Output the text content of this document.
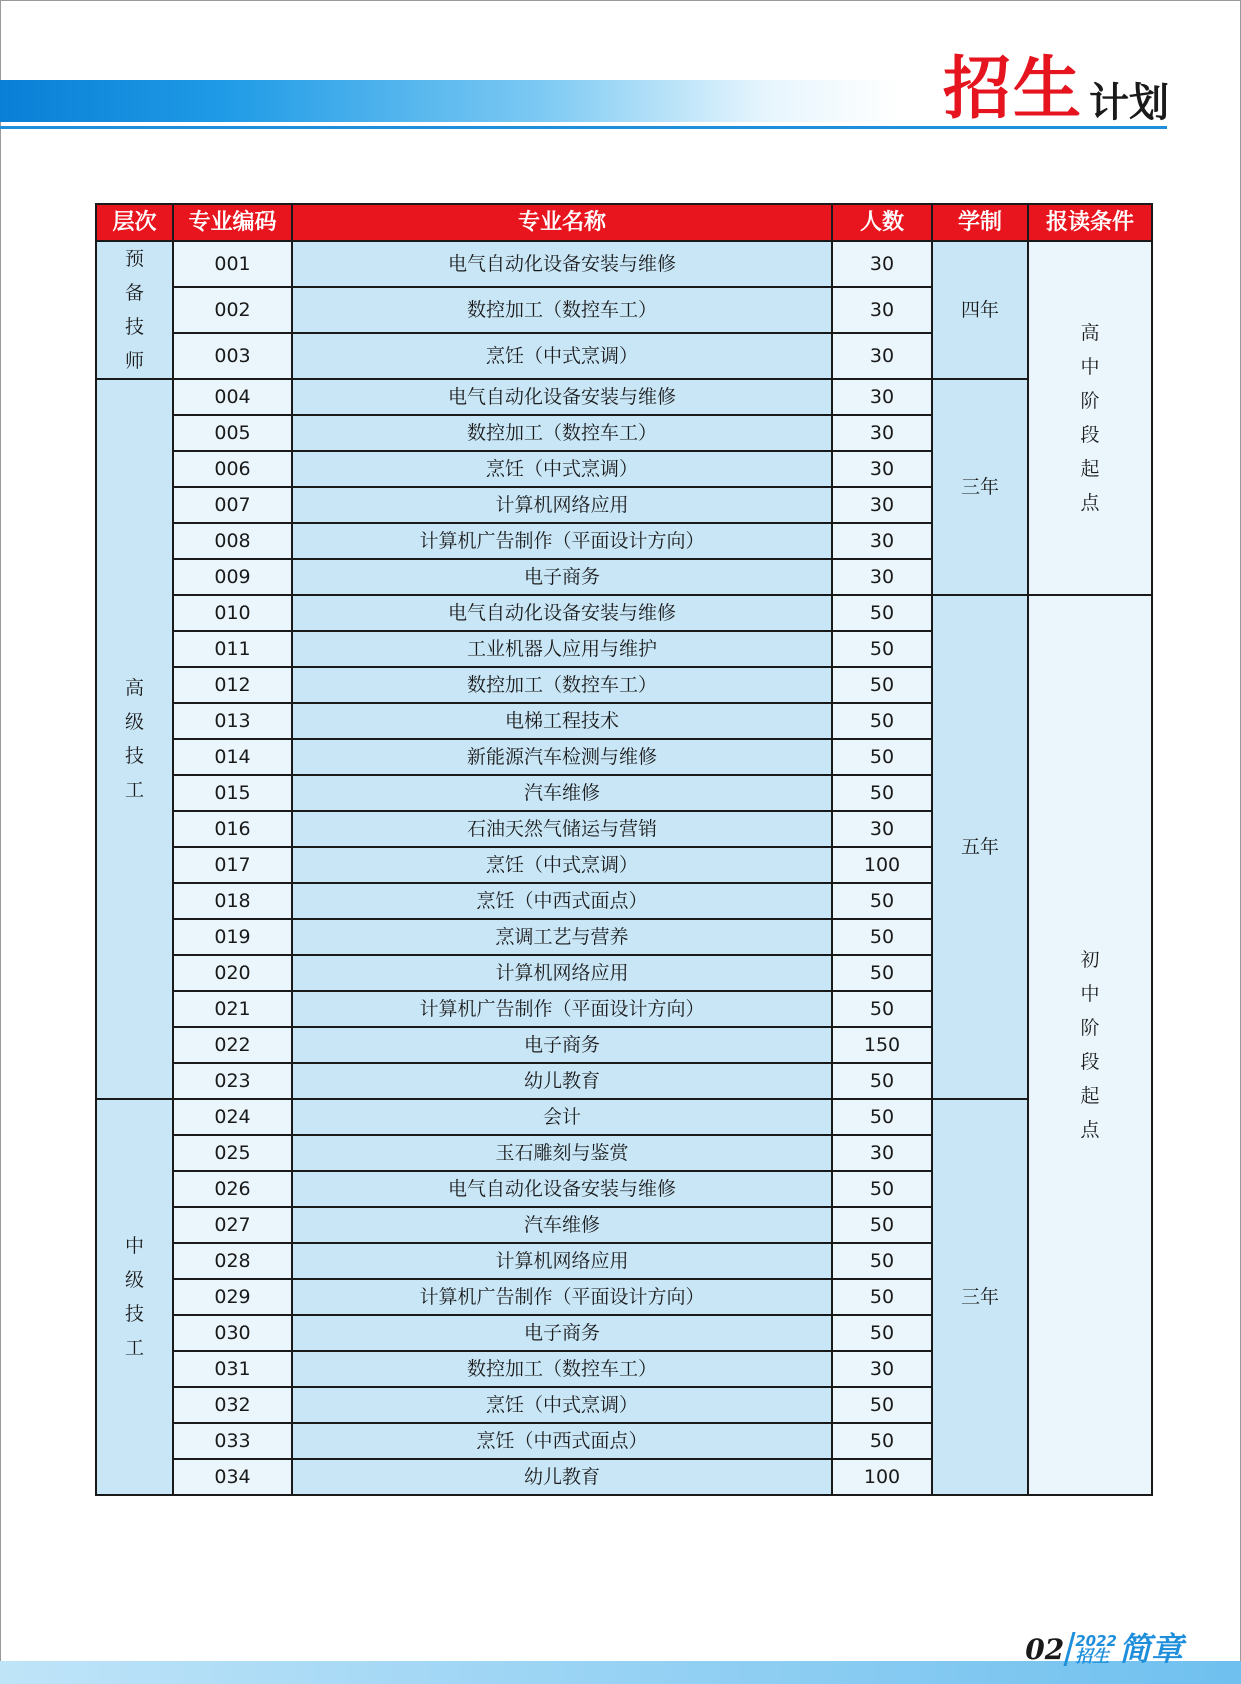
招生 计划
层次	专业编码	专业名称	人数	学制	报读条件
预备技师	001	电气自动化设备安装与维修	30	四年	高中阶段起点
	002	数控加工（数控车工）	30		
	003	烹饪（中式烹调）	30		
高级技工	004	电气自动化设备安装与维修	30	三年	
	005	数控加工（数控车工）	30		
	006	烹饪（中式烹调）	30		
	007	计算机网络应用	30		
	008	计算机广告制作（平面设计方向）	30		
	009	电子商务	30		
	010	电气自动化设备安装与维修	50	五年	初中阶段起点
	011	工业机器人应用与维护	50		
	012	数控加工（数控车工）	50		
	013	电梯工程技术	50		
	014	新能源汽车检测与维修	50		
	015	汽车维修	50		
	016	石油天然气储运与营销	30		
	017	烹饪（中式烹调）	100		
	018	烹饪（中西式面点）	50		
	019	烹调工艺与营养	50		
	020	计算机网络应用	50		
	021	计算机广告制作（平面设计方向）	50		
	022	电子商务	150		
	023	幼儿教育	50		
中级技工	024	会计	50	三年	
	025	玉石雕刻与鉴赏	30		
	026	电气自动化设备安装与维修	50		
	027	汽车维修	50		
	028	计算机网络应用	50		
	029	计算机广告制作（平面设计方向）	50		
	030	电子商务	50		
	031	数控加工（数控车工）	30		
	032	烹饪（中式烹调）	50		
	033	烹饪（中西式面点）	50		
	034	幼儿教育	100		
02 2022
招生 简章
